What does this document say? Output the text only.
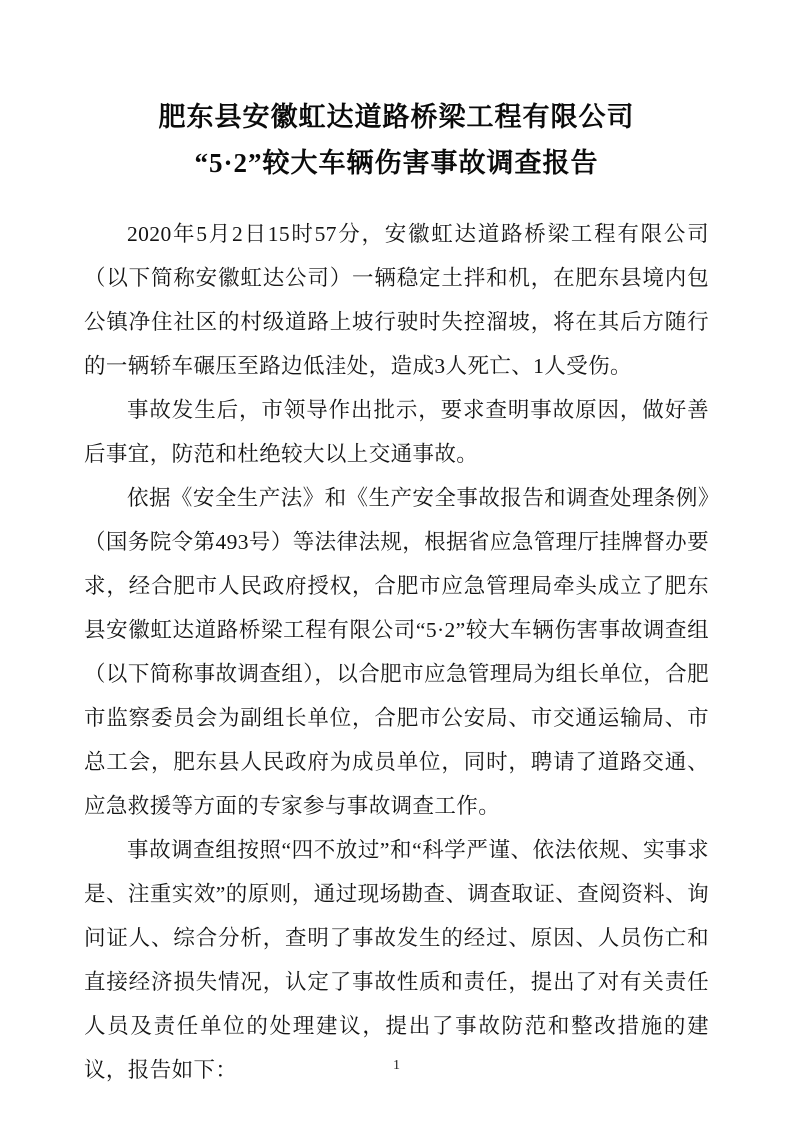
肥东县安徽虹达道路桥梁工程有限公司
“5·2”较大车辆伤害事故调查报告

2020年5月2日15时57分，安徽虹达道路桥梁工程有限公司（以下简称安徽虹达公司）一辆稳定土拌和机，在肥东县境内包公镇净住社区的村级道路上坡行驶时失控溜坡，将在其后方随行的一辆轿车碾压至路边低洼处，造成3人死亡、1人受伤。

事故发生后，市领导作出批示，要求查明事故原因，做好善后事宜，防范和杜绝较大以上交通事故。

依据《安全生产法》和《生产安全事故报告和调查处理条例》（国务院令第493号）等法律法规，根据省应急管理厅挂牌督办要求，经合肥市人民政府授权，合肥市应急管理局牵头成立了肥东县安徽虹达道路桥梁工程有限公司“5·2”较大车辆伤害事故调查组（以下简称事故调查组），以合肥市应急管理局为组长单位，合肥市监察委员会为副组长单位，合肥市公安局、市交通运输局、市总工会，肥东县人民政府为成员单位，同时，聘请了道路交通、应急救援等方面的专家参与事故调查工作。

事故调查组按照“四不放过”和“科学严谨、依法依规、实事求是、注重实效”的原则，通过现场勘查、调查取证、查阅资料、询问证人、综合分析，查明了事故发生的经过、原因、人员伤亡和直接经济损失情况，认定了事故性质和责任，提出了对有关责任人员及责任单位的处理建议，提出了事故防范和整改措施的建议，报告如下：	1
